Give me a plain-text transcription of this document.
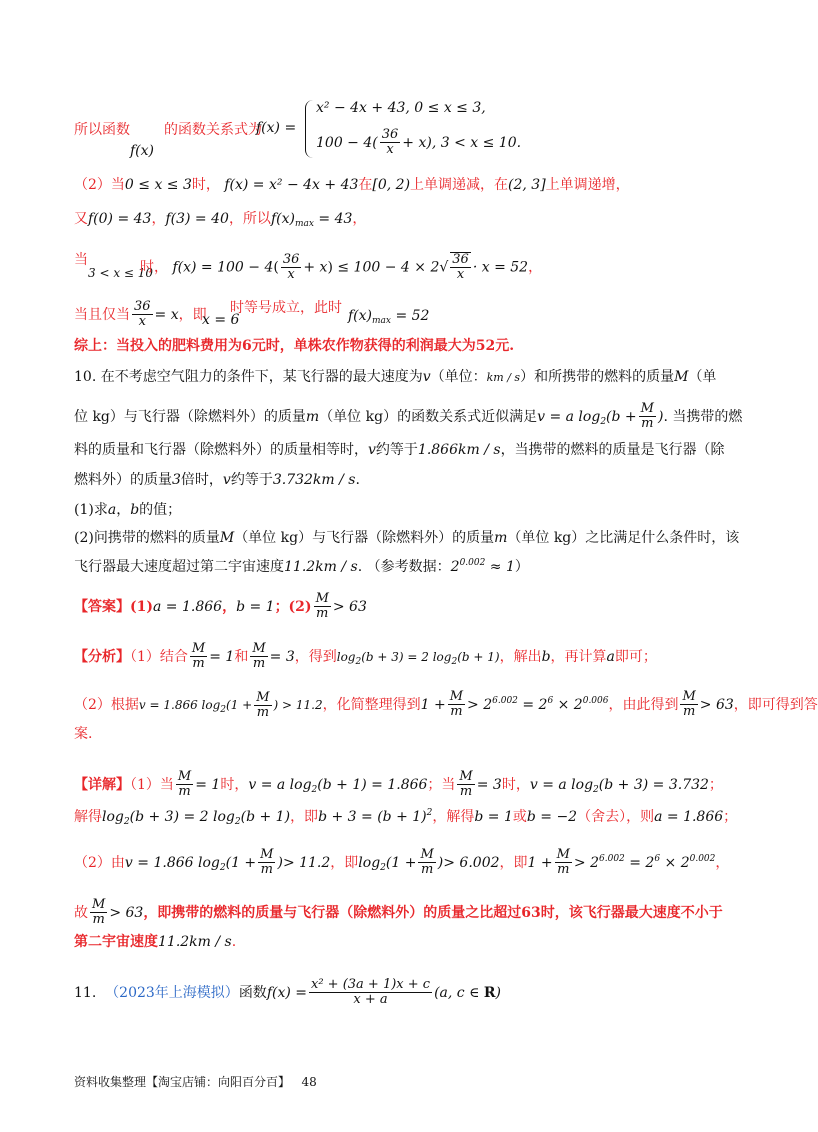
所以函数
f(x)
的函数关系式为
f(x) =
x² − 4x + 43, 0 ≤ x ≤ 3,
$100 - 4( \frac{36}{x} + x)$, 3 < x ≤ 10.
（2）当0 ≤ x ≤ 3时， f(x) = x² − 4x + 43在[0, 2)上单调递减，在(2, 3]上单调递增，
又f(0) = 43，f(3) = 40，所以$f(x)_{max} = 43$，
当
3 < x ≤ 10
时， $f(x) = 100 - 4( \frac{36}{x} + x) \le 100 - 4 \times 2√ \frac{36}{x} \cdot x = 52$，
当且仅当 $\frac{36}{x} = x$，即
x = 6
时等号成立，此时 $f(x)_{max} = 52$
综上：当投入的肥料费用为6元时，单株农作物获得的利润最大为52元.
10. 在不考虑空气阻力的条件下，某飞行器的最大速度为v（单位：km / s）和所携带的燃料的质量M（单
位 kg）与飞行器（除燃料外）的质量m（单位 kg）的函数关系式近似满足v = a $\log_2(b + \frac{M}{m}$ ). 当携带的燃
料的质量和飞行器（除燃料外）的质量相等时，v约等于1.866km / s，当携带的燃料的质量是飞行器（除
燃料外）的质量3倍时，v约等于3.732km / s.
(1)求a，b的值；
(2)问携带的燃料的质量M（单位 kg）与飞行器（除燃料外）的质量m（单位 kg）之比满足什么条件时，该
飞行器最大速度超过第二宇宙速度11.2km / s. （参考数据：$2^{0.002} \approx 1$）
【答案】(1)a = 1.866，b = 1；$(2) \frac{M}{m} > 63$
【分析】（1）结合 $\frac{M}{m} = 1$和 $\frac{M}{m} = 3$，得到$\log_2(b + 3) = 2$ $\log_2(b + 1)$，解出b，再计算a即可；
（2）根据v = 1.866 $\log_2(1 + \frac{M}{m}$ ) > 11.2，化简整理得到$1 + \frac{M}{m} > 2^{6.002} = 2^6 \times 2^{0.006}$，由此得到 $\frac{M}{m} > 63$，即可得到答
案.
【详解】（1）当 $\frac{M}{m} = 1$时，v = a $\log_2(b + 1) = 1.866$；当 $\frac{M}{m} = 3$时，v = a $\log_2(b + 3) = 3.732$；
解得$\log_2(b + 3) = 2$ $\log_2(b + 1)$，即$b + 3 = (b + 1)^2$，解得b = 1或b = −2（舍去），则a = 1.866；
（2）由v = 1.866 $\log_2(1 + \frac{M}{m}$ )> 11.2，即$\log_2(1 + \frac{M}{m}$ )> 6.002，即$1 + \frac{M}{m} > 2^{6.002} = 2^6 \times 2^{0.002}$，
故 $\frac{M}{m} > 63$，即携带的燃料的质量与飞行器（除燃料外）的质量之比超过63时，该飞行器最大速度不小于
第二宇宙速度11.2km / s.
11. （2023年上海模拟）函数$f(x) = \frac{\text{x² + (3a + 1)x + c}}{x + a} (a$, c ∈ R)
资料收集整理【淘宝店铺：向阳百分百】 48
